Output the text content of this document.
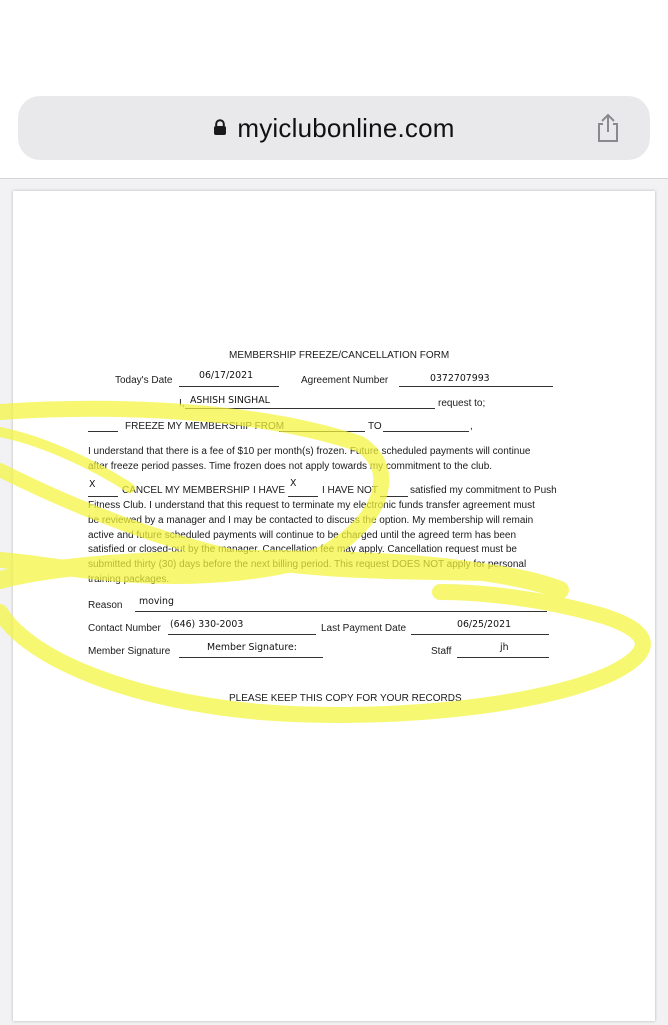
myiclubonline.com
MEMBERSHIP FREEZE/CANCELLATION FORM
Today's Date	06/17/2021	Agreement Number	0372707993
I, ASHISH SINGHAL	request to;
FREEZE MY MEMBERSHIP FROM	TO	,
I understand that there is a fee of $10 per month(s) frozen. Future scheduled payments will continue
after freeze period passes. Time frozen does not apply towards my commitment to the club.
X
CANCEL MY MEMBERSHIP I HAVE
X
I HAVE NOT	satisfied my commitment to Push
Fitness Club. I understand that this request to terminate my electronic funds transfer agreement must
be reviewed by a manager and I may be contacted to discuss the option. My membership will remain
active and future scheduled payments will continue to be charged until the agreed term has been
satisfied or closed-out by the manager. Cancellation fee may apply. Cancellation request must be
submitted thirty (30) days before the next billing period. This request DOES NOT apply for personal
training packages.
Reason moving
Contact Number (646) 330-2003	Last Payment Date	06/25/2021
Member Signature	Member Signature:	Staff	jh
PLEASE KEEP THIS COPY FOR YOUR RECORDS
